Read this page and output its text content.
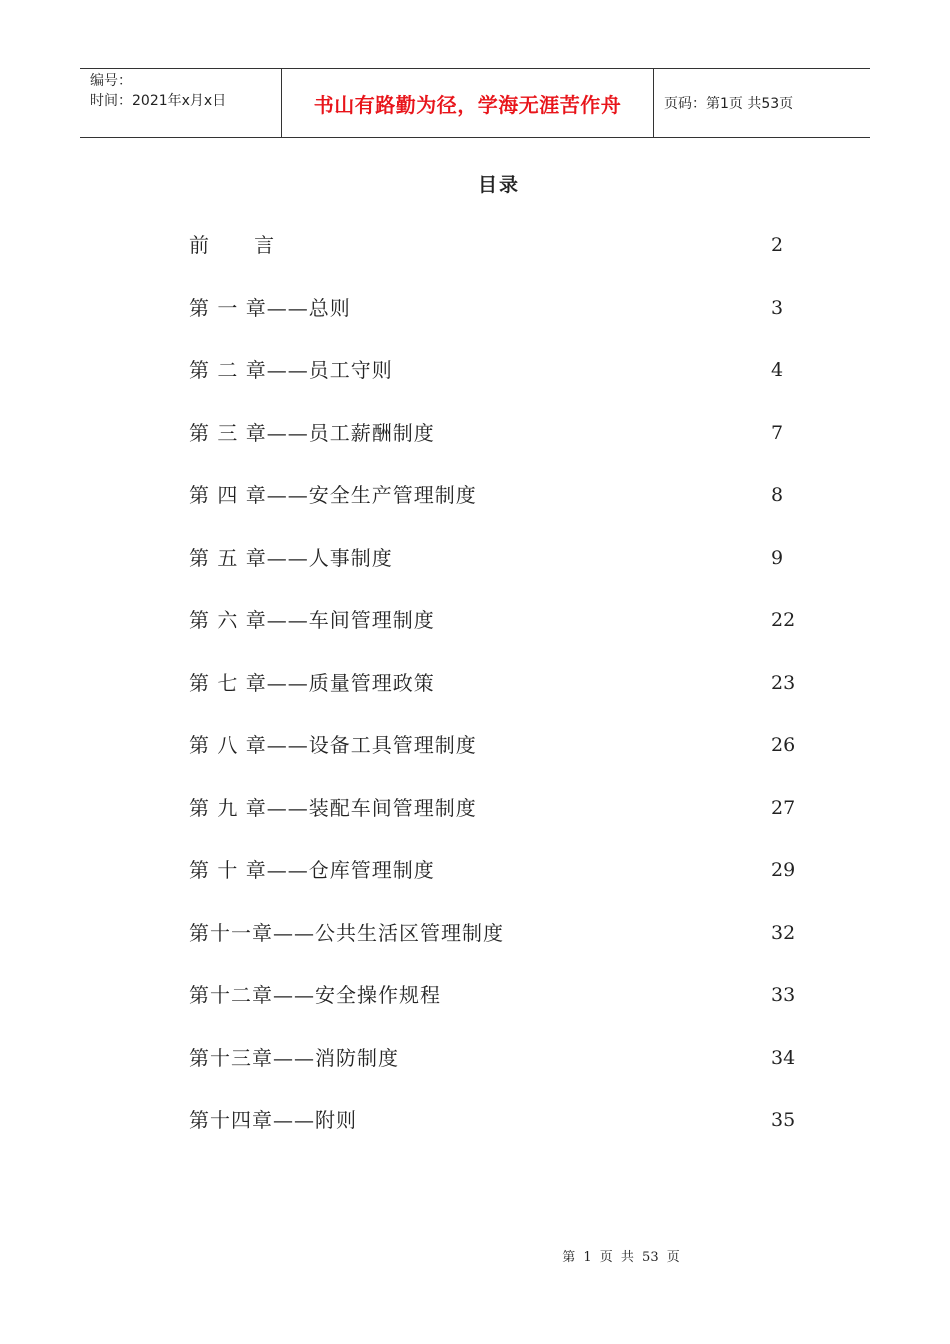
编号：
时间：2021年x月x日	书山有路勤为径，学海无涯苦作舟	页码：第1页 共53页
目录
前      言	2
第 一 章——总则	3
第 二 章——员工守则	4
第 三 章——员工薪酬制度	7
第 四 章——安全生产管理制度	8
第 五 章——人事制度	9
第 六 章——车间管理制度	22
第 七 章——质量管理政策	23
第 八 章——设备工具管理制度	26
第 九 章——装配车间管理制度	27
第 十 章——仓库管理制度	29
第十一章——公共生活区管理制度	32
第十二章——安全操作规程	33
第十三章——消防制度	34
第十四章——附则	35
第 1 页 共 53 页
